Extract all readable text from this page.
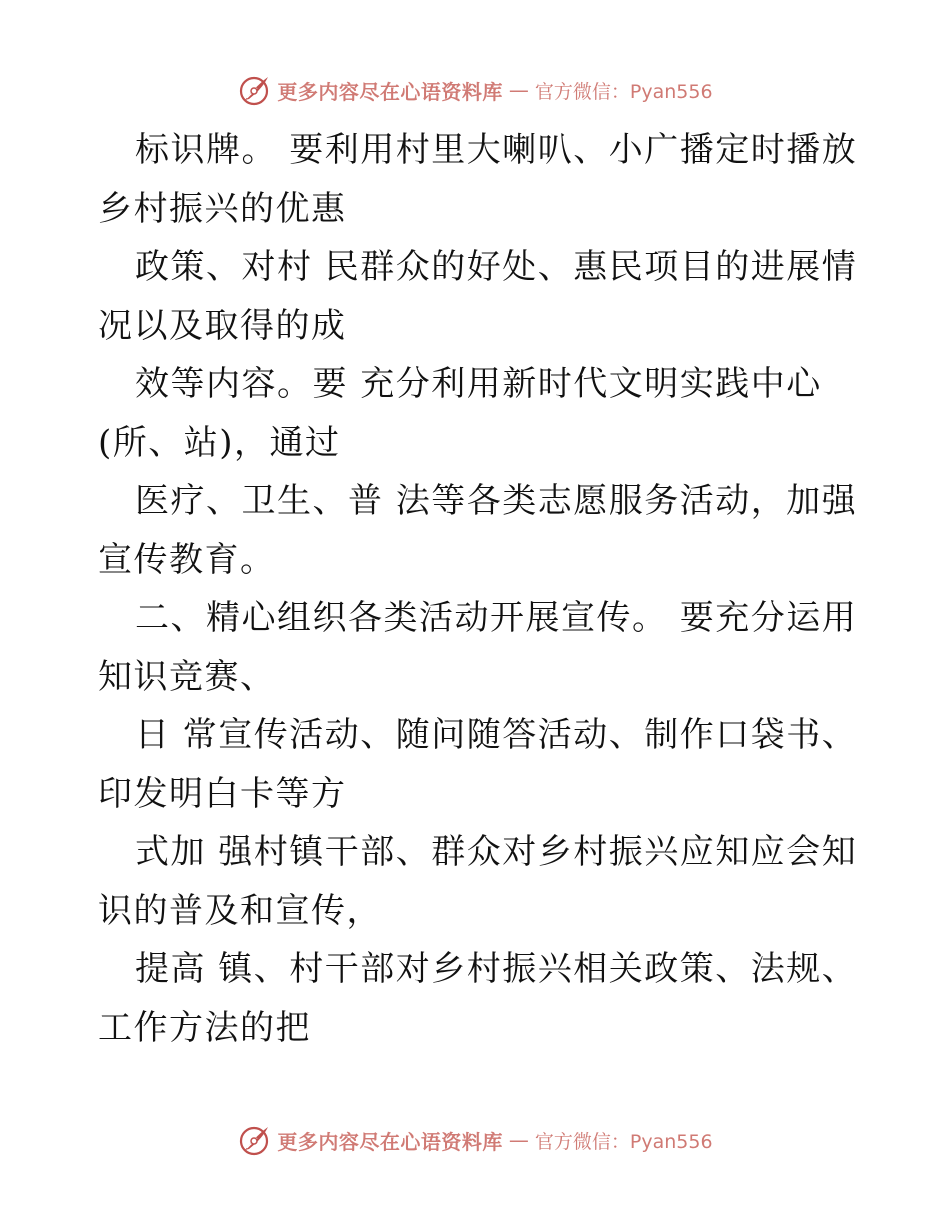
更多内容尽在心语资料库 — 官方微信：Pyan556
标识牌。 要利用村里大喇叭、小广播定时播放
乡村振兴的优惠
政策、对村 民群众的好处、惠民项目的进展情
况以及取得的成
效等内容。要 充分利用新时代文明实践中心
(所、站)，通过
医疗、卫生、普 法等各类志愿服务活动，加强
宣传教育。
二、精心组织各类活动开展宣传。 要充分运用
知识竞赛、
日 常宣传活动、随问随答活动、制作口袋书、
印发明白卡等方
式加 强村镇干部、群众对乡村振兴应知应会知
识的普及和宣传，
提高 镇、村干部对乡村振兴相关政策、法规、
工作方法的把
更多内容尽在心语资料库 — 官方微信：Pyan556
